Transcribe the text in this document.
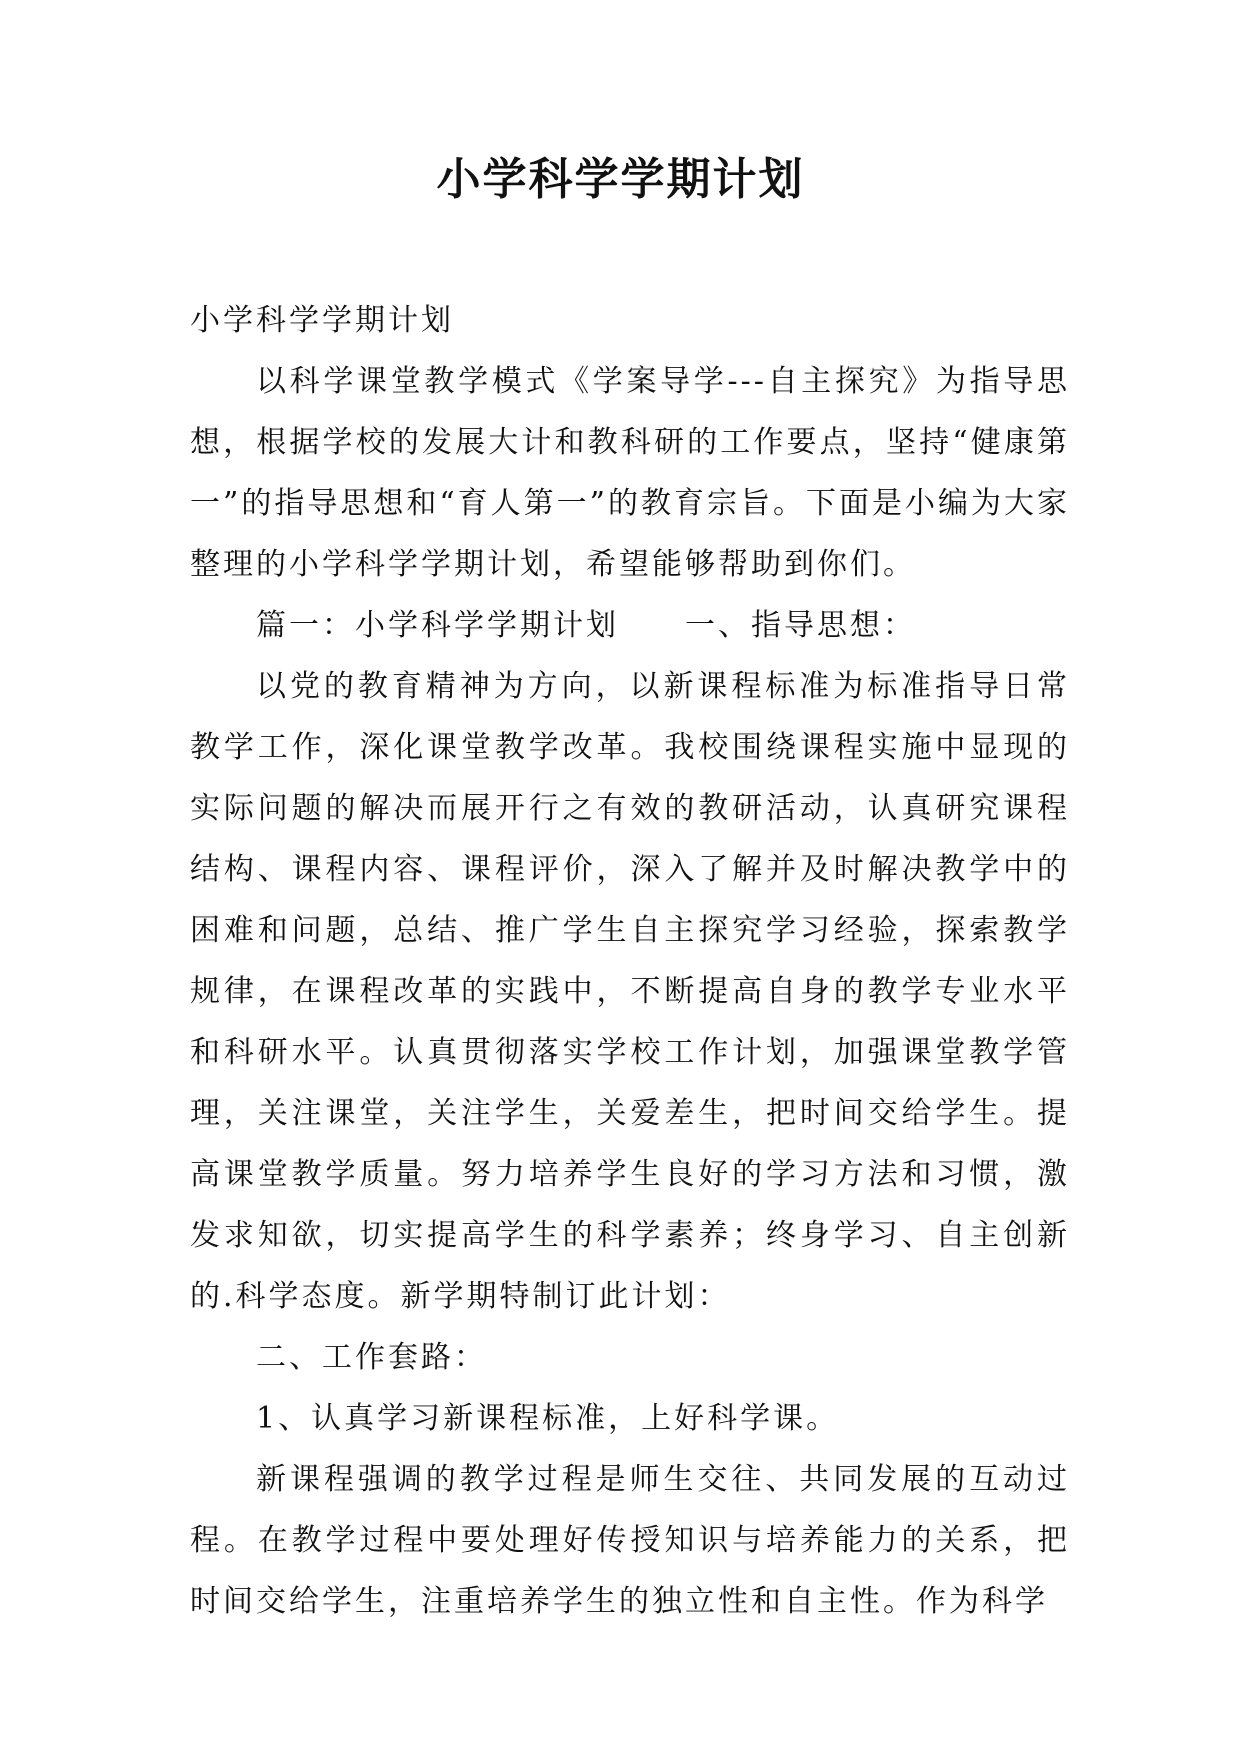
小学科学学期计划

小学科学学期计划

以科学课堂教学模式《学案导学---自主探究》为指导思想，根据学校的发展大计和教科研的工作要点，坚持“健康第一”的指导思想和“育人第一”的教育宗旨。下面是小编为大家整理的小学科学学期计划，希望能够帮助到你们。

篇一：小学科学学期计划　　一、指导思想：

以党的教育精神为方向，以新课程标准为标准指导日常教学工作，深化课堂教学改革。我校围绕课程实施中显现的实际问题的解决而展开行之有效的教研活动，认真研究课程结构、课程内容、课程评价，深入了解并及时解决教学中的困难和问题，总结、推广学生自主探究学习经验，探索教学规律，在课程改革的实践中，不断提高自身的教学专业水平和科研水平。认真贯彻落实学校工作计划，加强课堂教学管理，关注课堂，关注学生，关爱差生，把时间交给学生。提高课堂教学质量。努力培养学生良好的学习方法和习惯，激发求知欲，切实提高学生的科学素养；终身学习、自主创新的.科学态度。新学期特制订此计划：

二、工作套路：

1、认真学习新课程标准，上好科学课。

新课程强调的教学过程是师生交往、共同发展的互动过程。在教学过程中要处理好传授知识与培养能力的关系，把时间交给学生，注重培养学生的独立性和自主性。作为科学
